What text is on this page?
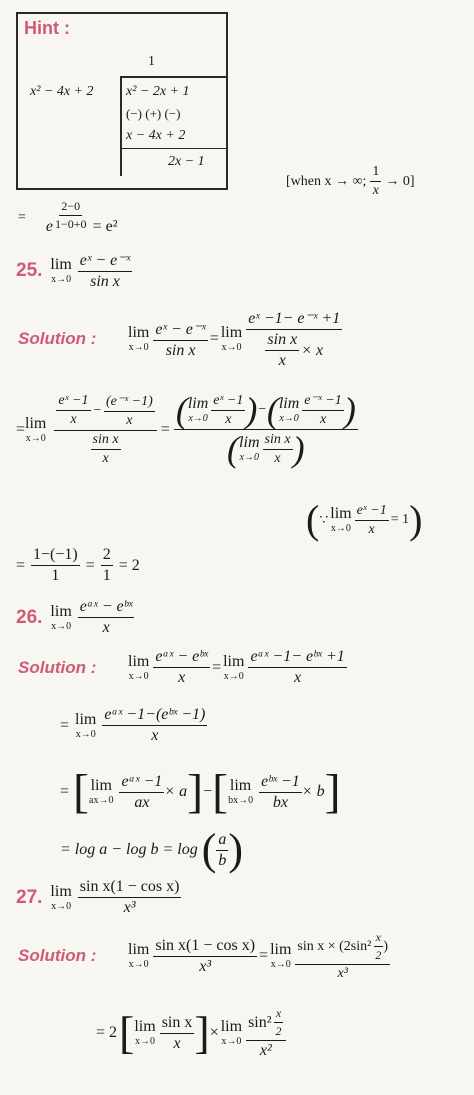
Hint :
1
x² − 4x + 2 x² − 2x + 1
(−) (+) (−)
x − 4x + 2
2x − 1
[when x → ∞; $\frac{1}{x} \to 0$]
=
e $\frac{2-0}{1-0+0} = e^2$
25. lim
$x\to 0 \frac{\text{eˣ − e⁻ˣ}}{\text{sin x}}$
Solution :	lim
$x\to 0 \frac{\text{eˣ − e⁻ˣ}}{\text{sin x}} = \lim$
$x\to 0 \frac{\text{eˣ −1− e⁻ˣ +1}}{\frac{\text{sin x}}{x} \times x}$
= lim
$x\to 0 \frac{\frac{\text{eˣ −1}}{x} - \frac{\text{(e⁻ˣ −1)}}{x}}{\frac{\text{sin x}}{x}}$ = ( lim
$x\to 0 \frac{\text{eˣ −1}}{x}$ ) − ( lim
$x\to 0 \frac{\text{e⁻ˣ −1}}{x}$ )
( lim
$x\to 0 \frac{\text{sin x}}{x}$ )
( ∵ lim
$x\to 0 \frac{\text{eˣ −1}}{x} = 1$ )
= $\frac{1-(-1)}{1} = \frac{2}{1} = 2$
26. lim
x→0
eᵃˣ − eᵇˣ
x
Solution :	lim
x→0
eᵃˣ − eᵇˣ
x
= lim
x→0
eᵃˣ −1− eᵇˣ +1
x
= lim
x→0
eᵃˣ −1−(eᵇˣ −1)
x
= [ lim
ax→0
eᵃˣ −1
ax
× a ] − [ lim
bx→0
eᵇˣ −1
bx
× b ]
= log a − log b = log ( $\frac{a}{b}$ )
27. lim
$x\to 0 \frac{\text{sin x(1 − cos x)}}{\text{x³}}$
Solution :	lim
$x\to 0 \frac{\text{sin x(1 − cos x)}}{\text{x³}} = \lim$
$x\to 0 \frac{\sin x \times (2\sin^2 \frac{x}{2} )}{\text{x³}}$
= 2 [ lim
$x\to 0 \frac{\text{sin x}}{x}$ ] × lim
x→0
$\sin^2 \frac{x}{2}$
x²
